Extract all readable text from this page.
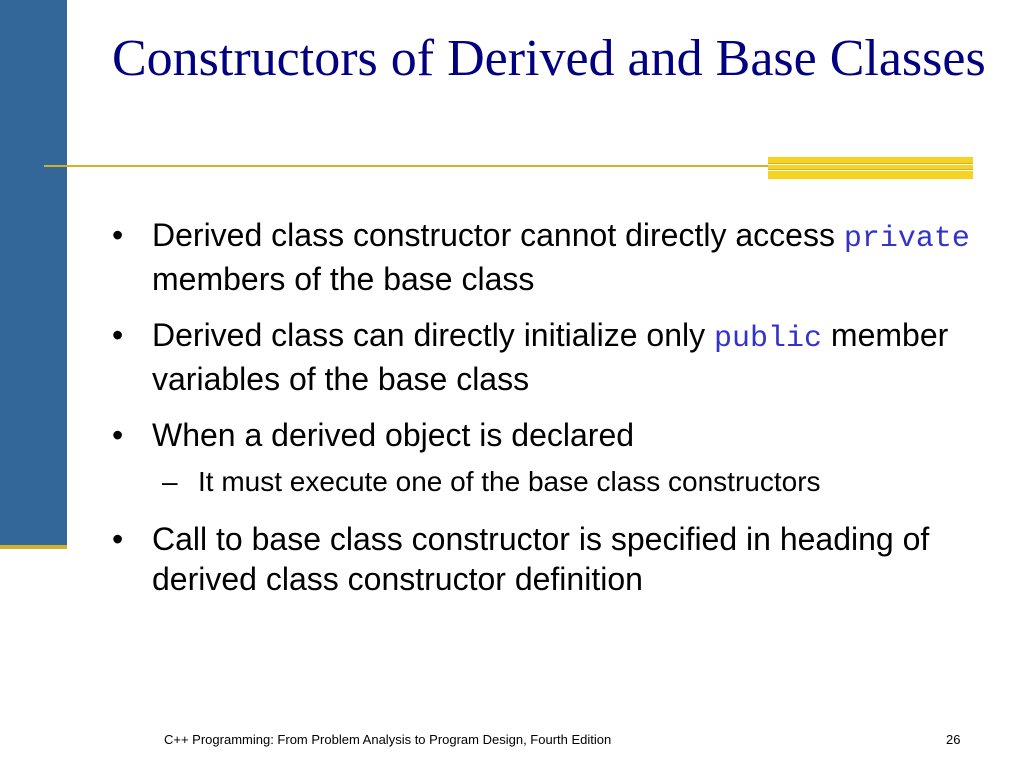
Constructors of Derived and Base Classes
• Derived class constructor cannot directly access private members of the base class
• Derived class can directly initialize only public member variables of the base class
• When a derived object is declared
– It must execute one of the base class constructors
• Call to base class constructor is specified in heading of derived class constructor definition
C++ Programming: From Problem Analysis to Program Design, Fourth Edition	26
